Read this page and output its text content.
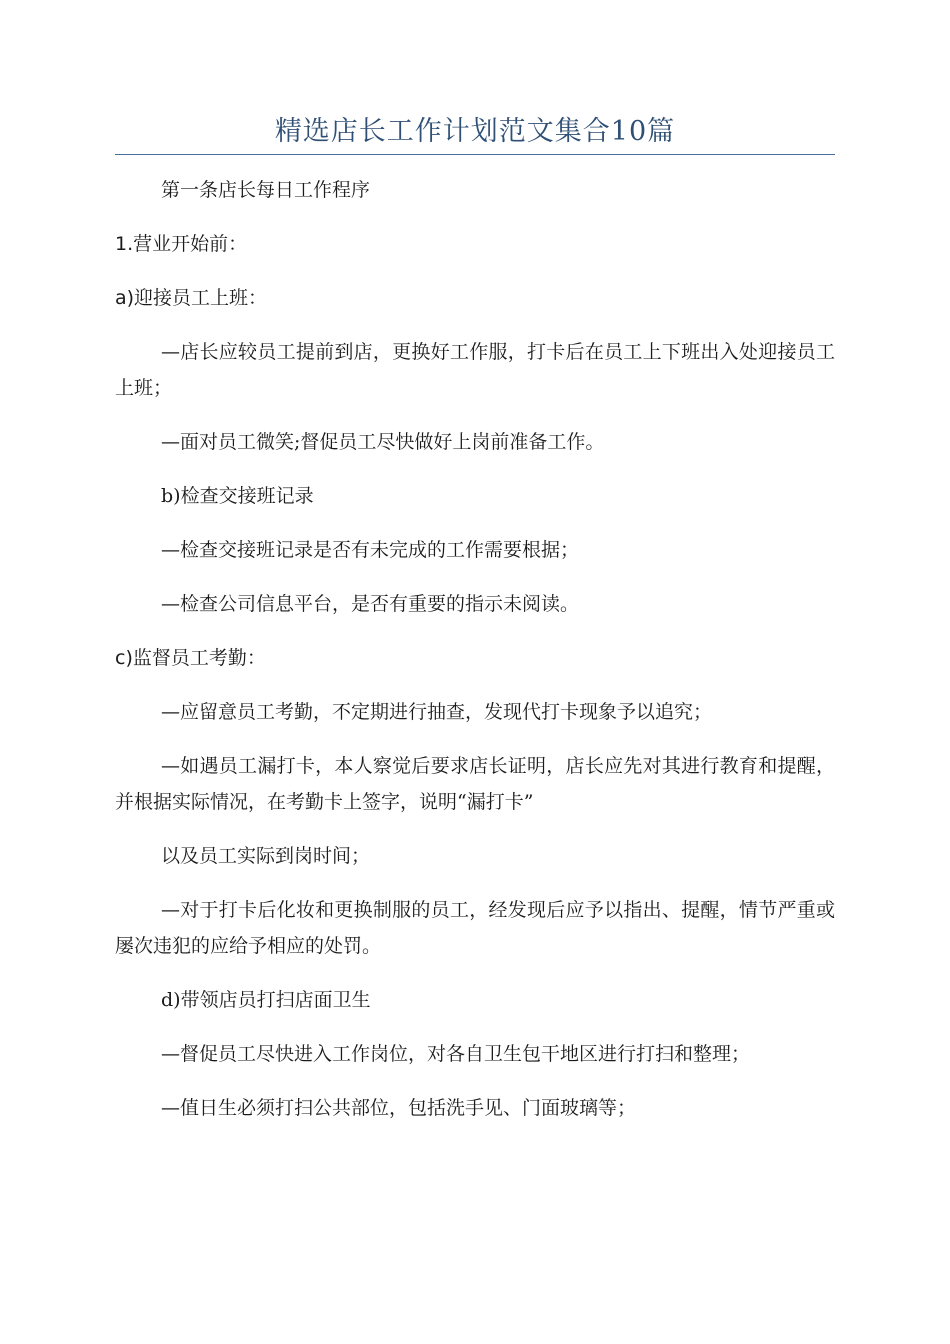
精选店长工作计划范文集合10篇

第一条店长每日工作程序

1.营业开始前：

a)迎接员工上班：

—店长应较员工提前到店，更换好工作服，打卡后在员工上下班出入处迎接员工上班；

—面对员工微笑;督促员工尽快做好上岗前准备工作。

b)检查交接班记录

—检查交接班记录是否有未完成的工作需要根据；

—检查公司信息平台，是否有重要的指示未阅读。

c)监督员工考勤：

—应留意员工考勤，不定期进行抽查，发现代打卡现象予以追究；

—如遇员工漏打卡，本人察觉后要求店长证明，店长应先对其进行教育和提醒，并根据实际情况，在考勤卡上签字，说明“漏打卡”

以及员工实际到岗时间；

—对于打卡后化妆和更换制服的员工，经发现后应予以指出、提醒，情节严重或屡次违犯的应给予相应的处罚。

d)带领店员打扫店面卫生

—督促员工尽快进入工作岗位，对各自卫生包干地区进行打扫和整理；

—值日生必须打扫公共部位，包括洗手见、门面玻璃等；
